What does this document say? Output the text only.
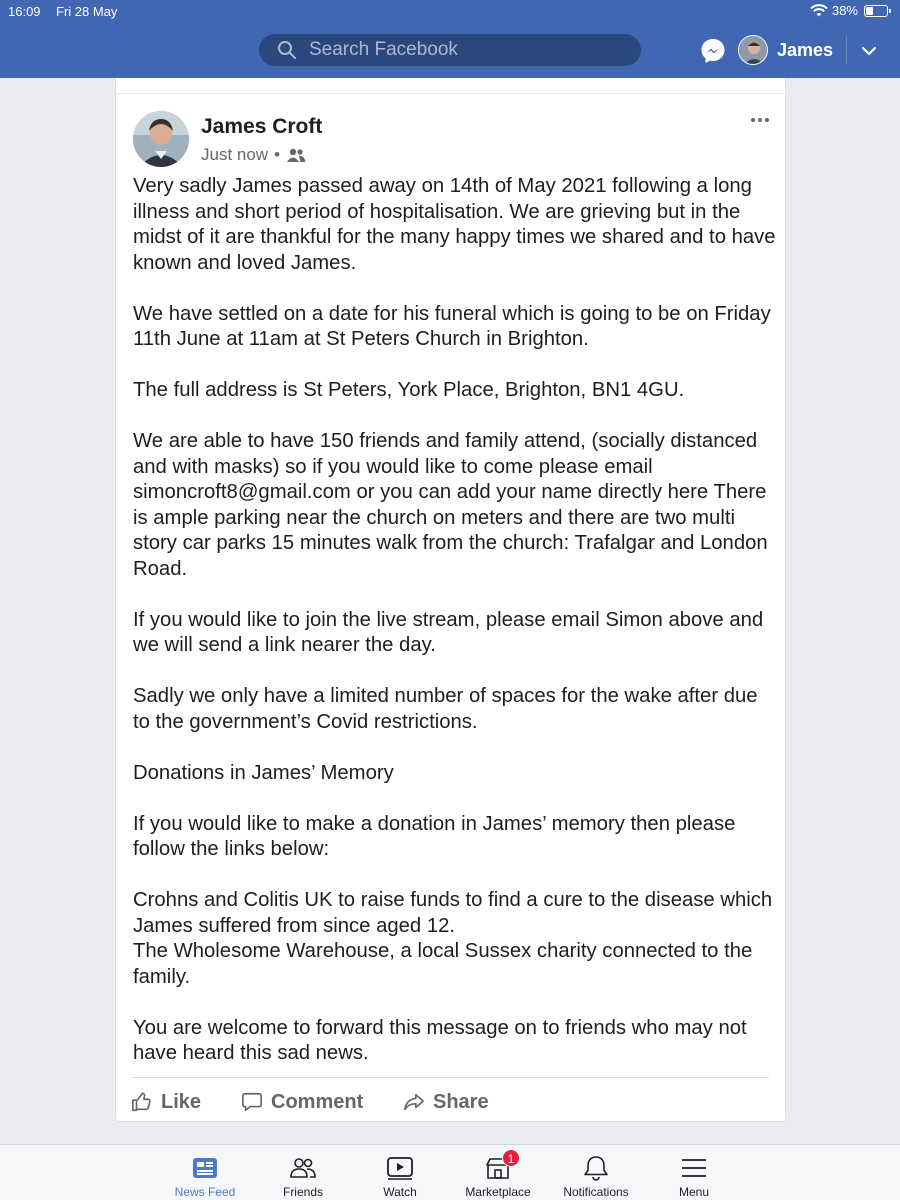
16:09 Fri 28 May	38%
Search Facebook
James
James Croft
Just now •

Very sadly James passed away on 14th of May 2021 following a long illness and short period of hospitalisation. We are grieving but in the midst of it are thankful for the many happy times we shared and to have known and loved James.

We have settled on a date for his funeral which is going to be on Friday 11th June at 11am at St Peters Church in Brighton.

The full address is St Peters, York Place, Brighton, BN1 4GU.

We are able to have 150 friends and family attend, (socially distanced and with masks) so if you would like to come please email simoncroft8@gmail.com or you can add your name directly here There is ample parking near the church on meters and there are two multi story car parks 15 minutes walk from the church: Trafalgar and London Road.

If you would like to join the live stream, please email Simon above and we will send a link nearer the day.

Sadly we only have a limited number of spaces for the wake after due to the government’s Covid restrictions.

Donations in James’ Memory

If you would like to make a donation in James’ memory then please follow the links below:

Crohns and Colitis UK to raise funds to find a cure to the disease which James suffered from since aged 12.
The Wholesome Warehouse, a local Sussex charity connected to the family.

You are welcome to forward this message on to friends who may not have heard this sad news.

Like	Comment	Share
News Feed	Friends	Watch
1
Marketplace	Notifications	Menu
